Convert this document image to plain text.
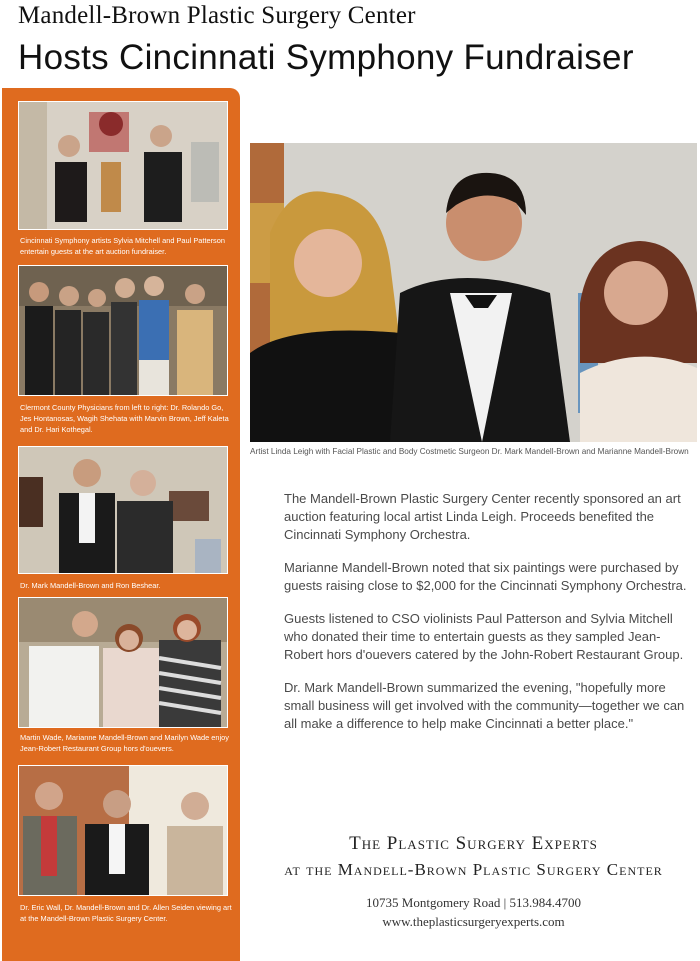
Mandell-Brown Plastic Surgery Center
Hosts Cincinnati Symphony Fundraiser
Cincinnati Symphony artists Sylvia Mitchell and Paul Patterson entertain guests at the art auction fundraiser.
Clermont County Physicians from left to right: Dr. Rolando Go, Jes Hontanosas, Wagih Shehata with Marvin Brown, Jeff Kaleta and Dr. Hari Kothegal.
Dr. Mark Mandell-Brown and Ron Beshear.
Martin Wade, Marianne Mandell-Brown and Marilyn Wade enjoy Jean-Robert Restaurant Group hors d'ouevers.
Dr. Eric Wall, Dr. Mandell-Brown and Dr. Allen Seiden viewing art at the Mandell-Brown Plastic Surgery Center.
Artist Linda Leigh with Facial Plastic and Body Costmetic Surgeon Dr. Mark Mandell-Brown and Marianne Mandell-Brown

The Mandell-Brown Plastic Surgery Center recently sponsored an art auction featuring local artist Linda Leigh. Proceeds benefited the Cincinnati Symphony Orchestra.

Marianne Mandell-Brown noted that six paintings were purchased by guests raising close to $2,000 for the Cincinnati Symphony Orchestra.

Guests listened to CSO violinists Paul Patterson and Sylvia Mitchell who donated their time to entertain guests as they sampled Jean-Robert hors d'ouevers catered by the John-Robert Restaurant Group.

Dr. Mark Mandell-Brown summarized the evening, "hopefully more small business will get involved with the community—together we can all make a difference to help make Cincinnati a better place."

The Plastic Surgery Experts
at the Mandell-Brown Plastic Surgery Center
10735 Montgomery Road | 513.984.4700
www.theplasticsurgeryexperts.com
